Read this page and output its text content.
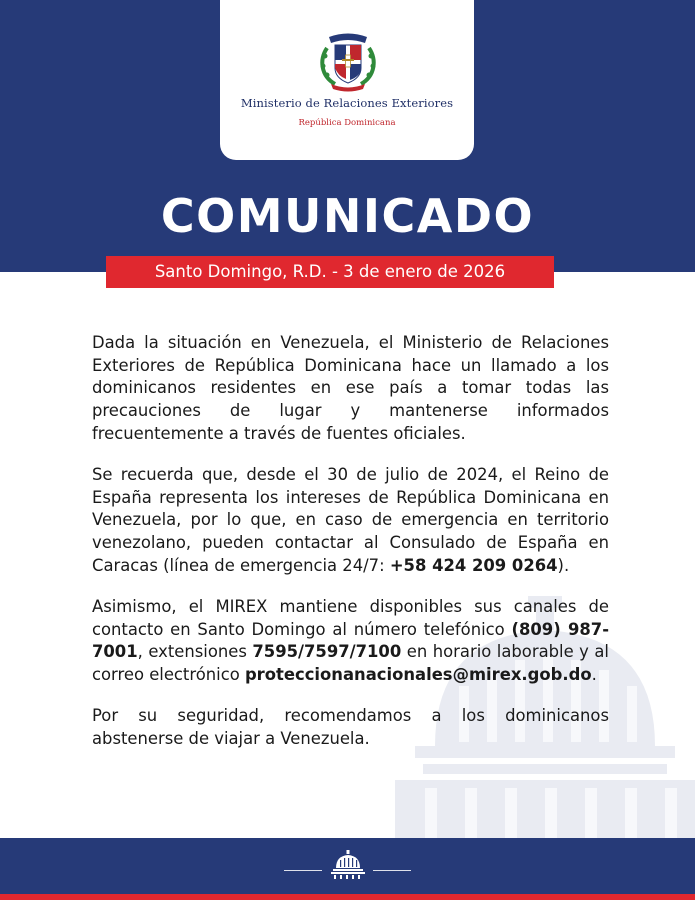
Ministerio de Relaciones Exteriores
República Dominicana
COMUNICADO
Santo Domingo, R.D. - 3 de enero de 2026

Dada la situación en Venezuela, el Ministerio de Relaciones Exteriores de República Dominicana hace un llamado a los dominicanos residentes en ese país a tomar todas las precauciones de lugar y mantenerse informados frecuentemente a través de fuentes oficiales.

Se recuerda que, desde el 30 de julio de 2024, el Reino de España representa los intereses de República Dominicana en Venezuela, por lo que, en caso de emergencia en territorio venezolano, pueden contactar al Consulado de España en Caracas (línea de emergencia 24/7: +58 424 209 0264).

Asimismo, el MIREX mantiene disponibles sus canales de contacto en Santo Domingo al número telefónico (809) 987-7001, extensiones 7595/7597/7100 en horario laborable y al correo electrónico proteccionanacionales@mirex.gob.do.

Por su seguridad, recomendamos a los dominicanos abstenerse de viajar a Venezuela.
